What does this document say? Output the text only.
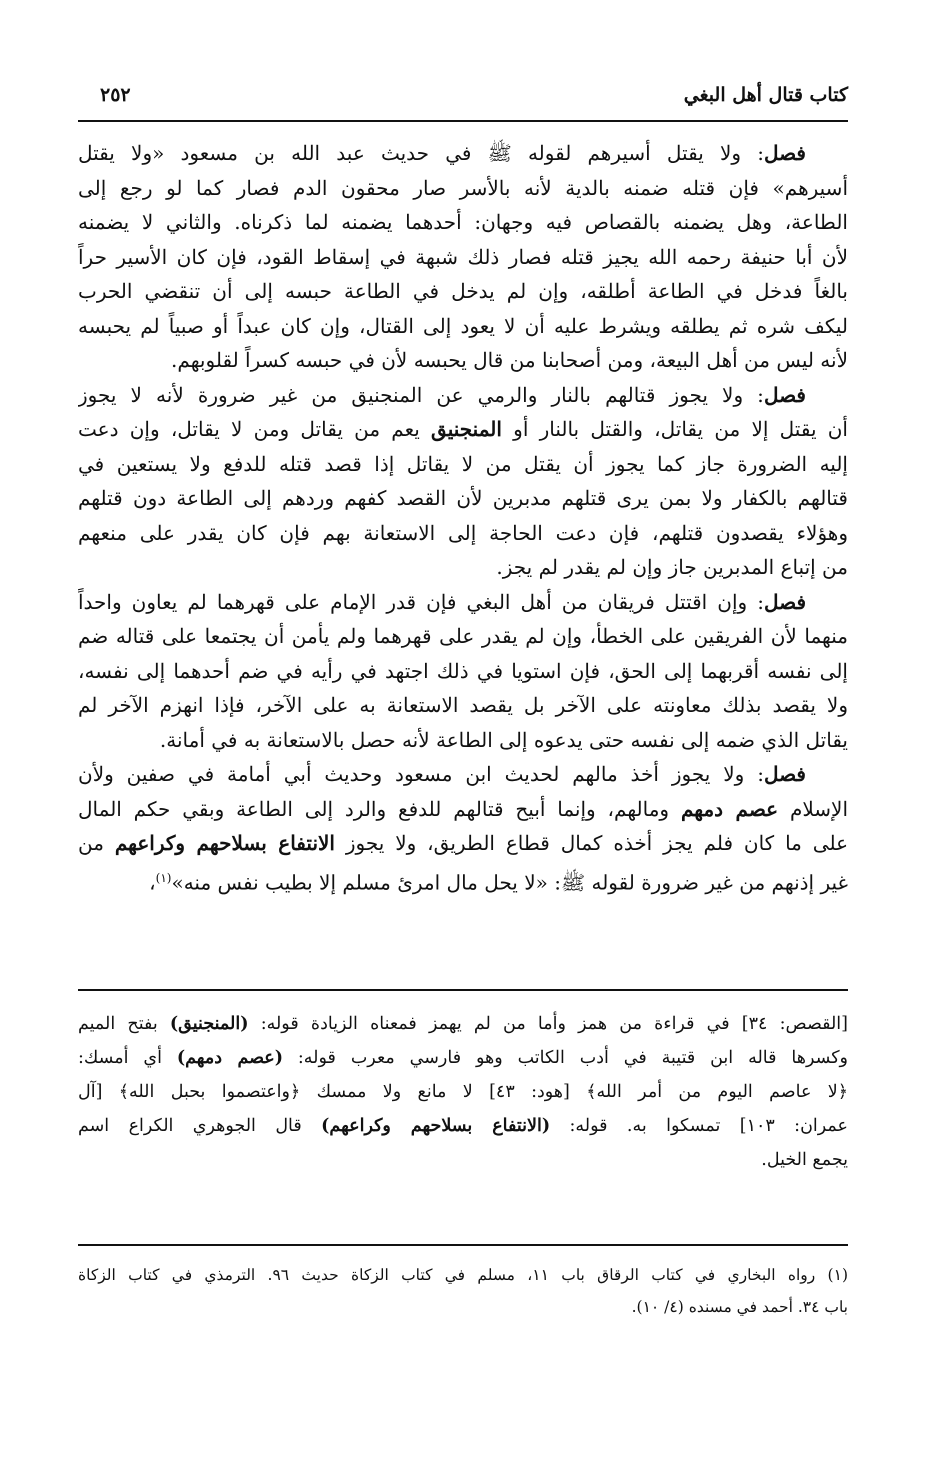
كتاب قتال أهل البغي
٢٥٢
فصل: ولا يقتل أسيرهم لقوله ﷺ في حديث عبد الله بن مسعود «ولا يقتل
أسيرهم» فإن قتله ضمنه بالدية لأنه بالأسر صار محقون الدم فصار كما لو رجع إلى
الطاعة، وهل يضمنه بالقصاص فيه وجهان: أحدهما يضمنه لما ذكرناه. والثاني لا يضمنه
لأن أبا حنيفة رحمه الله يجيز قتله فصار ذلك شبهة في إسقاط القود، فإن كان الأسير حراً
بالغاً فدخل في الطاعة أطلقه، وإن لم يدخل في الطاعة حبسه إلى أن تنقضي الحرب
ليكف شره ثم يطلقه ويشرط عليه أن لا يعود إلى القتال، وإن كان عبداً أو صبياً لم يحبسه
لأنه ليس من أهل البيعة، ومن أصحابنا من قال يحبسه لأن في حبسه كسراً لقلوبهم.
فصل: ولا يجوز قتالهم بالنار والرمي عن المنجنيق من غير ضرورة لأنه لا يجوز
أن يقتل إلا من يقاتل، والقتل بالنار أو المنجنيق يعم من يقاتل ومن لا يقاتل، وإن دعت
إليه الضرورة جاز كما يجوز أن يقتل من لا يقاتل إذا قصد قتله للدفع ولا يستعين في
قتالهم بالكفار ولا بمن يرى قتلهم مدبرين لأن القصد كفهم وردهم إلى الطاعة دون قتلهم
وهؤلاء يقصدون قتلهم، فإن دعت الحاجة إلى الاستعانة بهم فإن كان يقدر على منعهم
من إتباع المدبرين جاز وإن لم يقدر لم يجز.
فصل: وإن اقتتل فريقان من أهل البغي فإن قدر الإمام على قهرهما لم يعاون واحداً
منهما لأن الفريقين على الخطأ، وإن لم يقدر على قهرهما ولم يأمن أن يجتمعا على قتاله ضم
إلى نفسه أقربهما إلى الحق، فإن استويا في ذلك اجتهد في رأيه في ضم أحدهما إلى نفسه،
ولا يقصد بذلك معاونته على الآخر بل يقصد الاستعانة به على الآخر، فإذا انهزم الآخر لم
يقاتل الذي ضمه إلى نفسه حتى يدعوه إلى الطاعة لأنه حصل بالاستعانة به في أمانة.
فصل: ولا يجوز أخذ مالهم لحديث ابن مسعود وحديث أبي أمامة في صفين ولأن
الإسلام عصم دمهم ومالهم، وإنما أبيح قتالهم للدفع والرد إلى الطاعة وبقي حكم المال
على ما كان فلم يجز أخذه كمال قطاع الطريق، ولا يجوز الانتفاع بسلاحهم وكراعهم من
غير إذنهم من غير ضرورة لقوله ﷺ: «لا يحل مال امرئ مسلم إلا بطيب نفس منه»$^{(١)}$،
[القصص: ٣٤] في قراءة من همز وأما من لم يهمز فمعناه الزيادة قوله: (المنجنيق) بفتح الميم
وكسرها قاله ابن قتيبة في أدب الكاتب وهو فارسي معرب قوله: (عصم دمهم) أي أمسك:
﴿لا عاصم اليوم من أمر الله﴾ [هود: ٤٣] لا مانع ولا ممسك ﴿واعتصموا بحبل الله﴾ [آل
عمران: ١٠٣] تمسكوا به. قوله: (الانتفاع بسلاحهم وكراعهم) قال الجوهري الكراع اسم
يجمع الخيل.
(١) رواه البخاري في كتاب الرقاق باب ١١، مسلم في كتاب الزكاة حديث ٩٦. الترمذي في كتاب الزكاة
باب ٣٤. أحمد في مسنده (٤/ ١٠).
